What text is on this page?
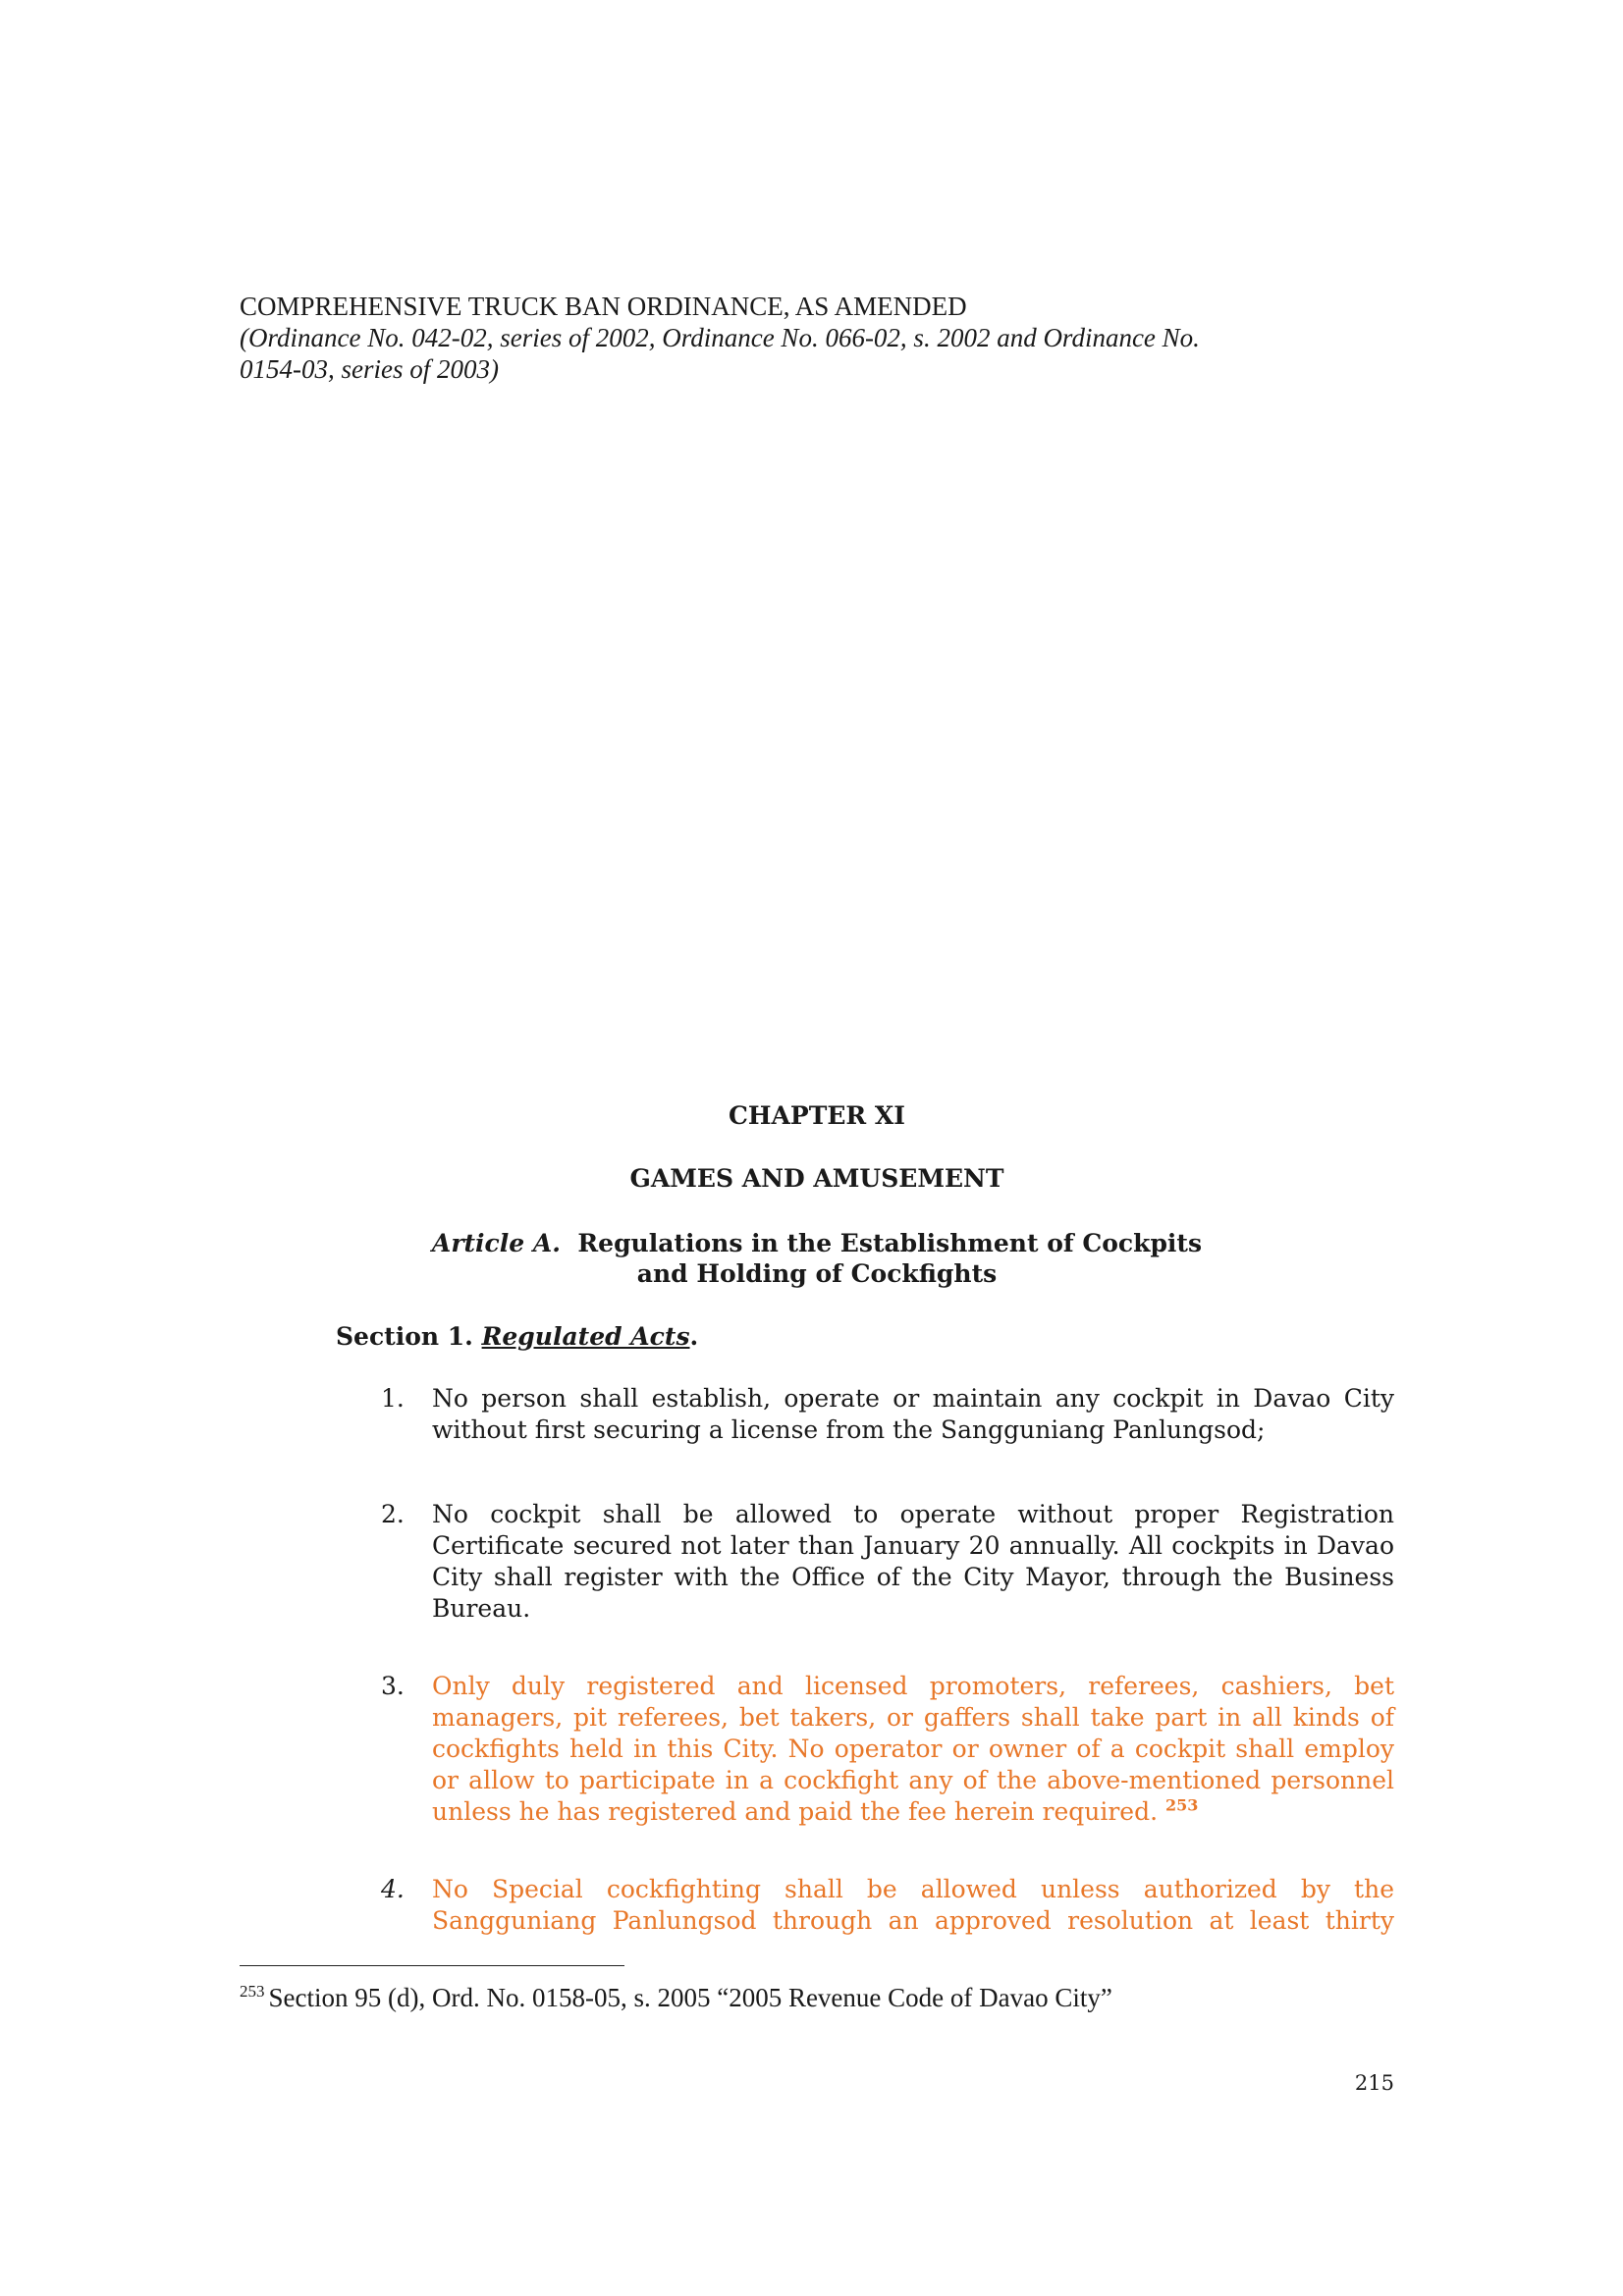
COMPREHENSIVE TRUCK BAN ORDINANCE, AS AMENDED
(Ordinance No. 042-02, series of 2002, Ordinance No. 066-02, s. 2002 and Ordinance No.
0154-03, series of 2003)
CHAPTER XI
GAMES AND AMUSEMENT
Article A. Regulations in the Establishment of Cockpits
and Holding of Cockfights
Section 1. Regulated Acts.
1.	No person shall establish, operate or maintain any cockpit in Davao City without first securing a license from the Sangguniang Panlungsod;
2.	No cockpit shall be allowed to operate without proper Registration Certificate secured not later than January 20 annually. All cockpits in Davao City shall register with the Office of the City Mayor, through the Business Bureau.
3.	Only duly registered and licensed promoters, referees, cashiers, bet managers, pit referees, bet takers, or gaffers shall take part in all kinds of cockfights held in this City. No operator or owner of a cockpit shall employ or allow to participate in a cockfight any of the above-mentioned personnel unless he has registered and paid the fee herein required. $^{253}$
4.	No Special cockfighting shall be allowed unless authorized by the Sangguniang Panlungsod through an approved resolution at least thirty
$^{253}$ Section 95 (d), Ord. No. 0158-05, s. 2005 “2005 Revenue Code of Davao City”
215
